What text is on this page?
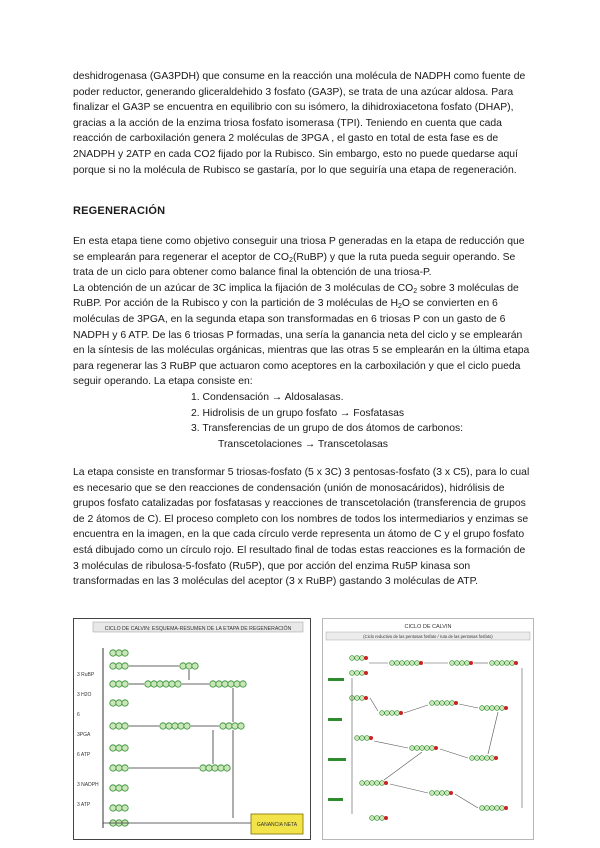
deshidrogenasa (GA3PDH) que consume en la reacción una molécula de NADPH como fuente de poder reductor, generando gliceraldehido 3 fosfato (GA3P), se trata de una azúcar aldosa. Para finalizar el GA3P se encuentra en equilibrio con su isómero, la dihidroxiacetona fosfato (DHAP), gracias a la acción de la enzima triosa fosfato isomerasa (TPI). Teniendo en cuenta que cada reacción de carboxilación genera 2 moléculas de 3PGA , el gasto en total de esta fase es de 2NADPH y 2ATP en cada CO2 fijado por la Rubisco. Sin embargo, esto no puede quedarse aquí porque si no la molécula de Rubisco se gastaría, por lo que seguiría una etapa de regeneración.

REGENERACIÓN

En esta etapa tiene como objetivo conseguir una triosa P generadas en la etapa de reducción que se emplearán para regenerar el aceptor de $CO_2(RuBP)$ y que la ruta pueda seguir operando. Se trata de un ciclo para obtener como balance final la obtención de una triosa-P.

La obtención de un azúcar de 3C implica la fijación de 3 moléculas de $CO_2$ sobre 3 moléculas de RuBP. Por acción de la Rubisco y con la partición de 3 moléculas de $H_2O$ se convierten en 6 moléculas de 3PGA, en la segunda etapa son transformadas en 6 triosas P con un gasto de 6 NADPH y 6 ATP. De las 6 triosas P formadas, una sería la ganancia neta del ciclo y se emplearán en la síntesis de las moléculas orgánicas, mientras que las otras 5 se emplearán en la última etapa para regenerar las 3 RuBP que actuaron como aceptores en la carboxilación y que el ciclo pueda seguir operando. La etapa consiste en:

1. Condensación → Aldosalasas.
2. Hidrolisis de un grupo fosfato → Fosfatasas
3. Transferencias de un grupo de dos átomos de carbonos:
Transcetolaciones → Transcetolasas

La etapa consiste en transformar 5 triosas-fosfato (5 x 3C) 3 pentosas-fosfato (3 x C5), para lo cual es necesario que se den reacciones de condensación (unión de monosacáridos), hidrólisis de grupos fosfato catalizadas por fosfatasas y reacciones de transcetolación (transferencia de grupos de 2 átomos de C). El proceso completo con los nombres de todos los intermediarios y enzimas se encuentra en la imagen, en la que cada círculo verde representa un átomo de C y el grupo fosfato está dibujado como un círculo rojo. El resultado final de todas estas reacciones es la formación de 3 moléculas de ribulosa-5-fosfato (Ru5P), que por acción del enzima Ru5P kinasa son transformadas en las 3 moléculas del aceptor (3 x RuBP) gastando 3 moléculas de ATP.

CICLO DE CALVIN: ESQUEMA-RESUMEN DE LA ETAPA DE REGENERACIÓN
3 RuBP
3 H2O
6
3PGA
6 ATP
3 NADPH
3 ATP
GANANCIA NETA
CICLO DE CALVIN
(Ciclo reductivo de las pentosas fosfato / ruta de las pentosas fosfato)
